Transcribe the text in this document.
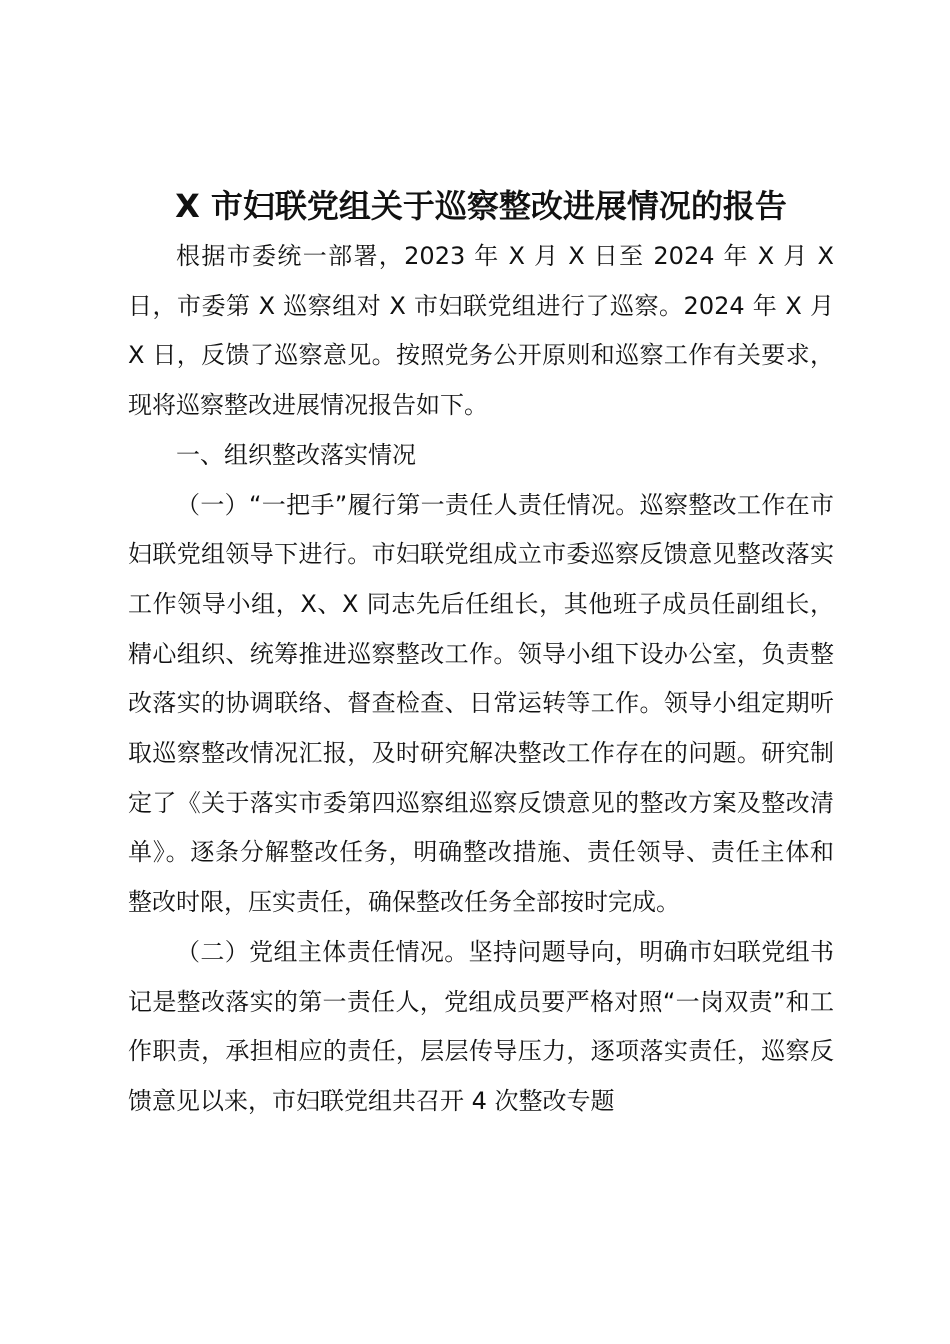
X 市妇联党组关于巡察整改进展情况的报告

根据市委统一部署，2023 年 X 月 X 日至 2024 年 X 月 X 日，市委第 X 巡察组对 X 市妇联党组进行了巡察。2024 年 X 月 X 日，反馈了巡察意见。按照党务公开原则和巡察工作有关要求，现将巡察整改进展情况报告如下。

一、组织整改落实情况

（一）“一把手”履行第一责任人责任情况。巡察整改工作在市妇联党组领导下进行。市妇联党组成立市委巡察反馈意见整改落实工作领导小组，X、X 同志先后任组长，其他班子成员任副组长，精心组织、统筹推进巡察整改工作。领导小组下设办公室，负责整改落实的协调联络、督查检查、日常运转等工作。领导小组定期听取巡察整改情况汇报，及时研究解决整改工作存在的问题。研究制定了《关于落实市委第四巡察组巡察反馈意见的整改方案及整改清单》。逐条分解整改任务，明确整改措施、责任领导、责任主体和整改时限，压实责任，确保整改任务全部按时完成。

（二）党组主体责任情况。坚持问题导向，明确市妇联党组书记是整改落实的第一责任人，党组成员要严格对照“一岗双责”和工作职责，承担相应的责任，层层传导压力，逐项落实责任，巡察反馈意见以来，市妇联党组共召开 4 次整改专题
